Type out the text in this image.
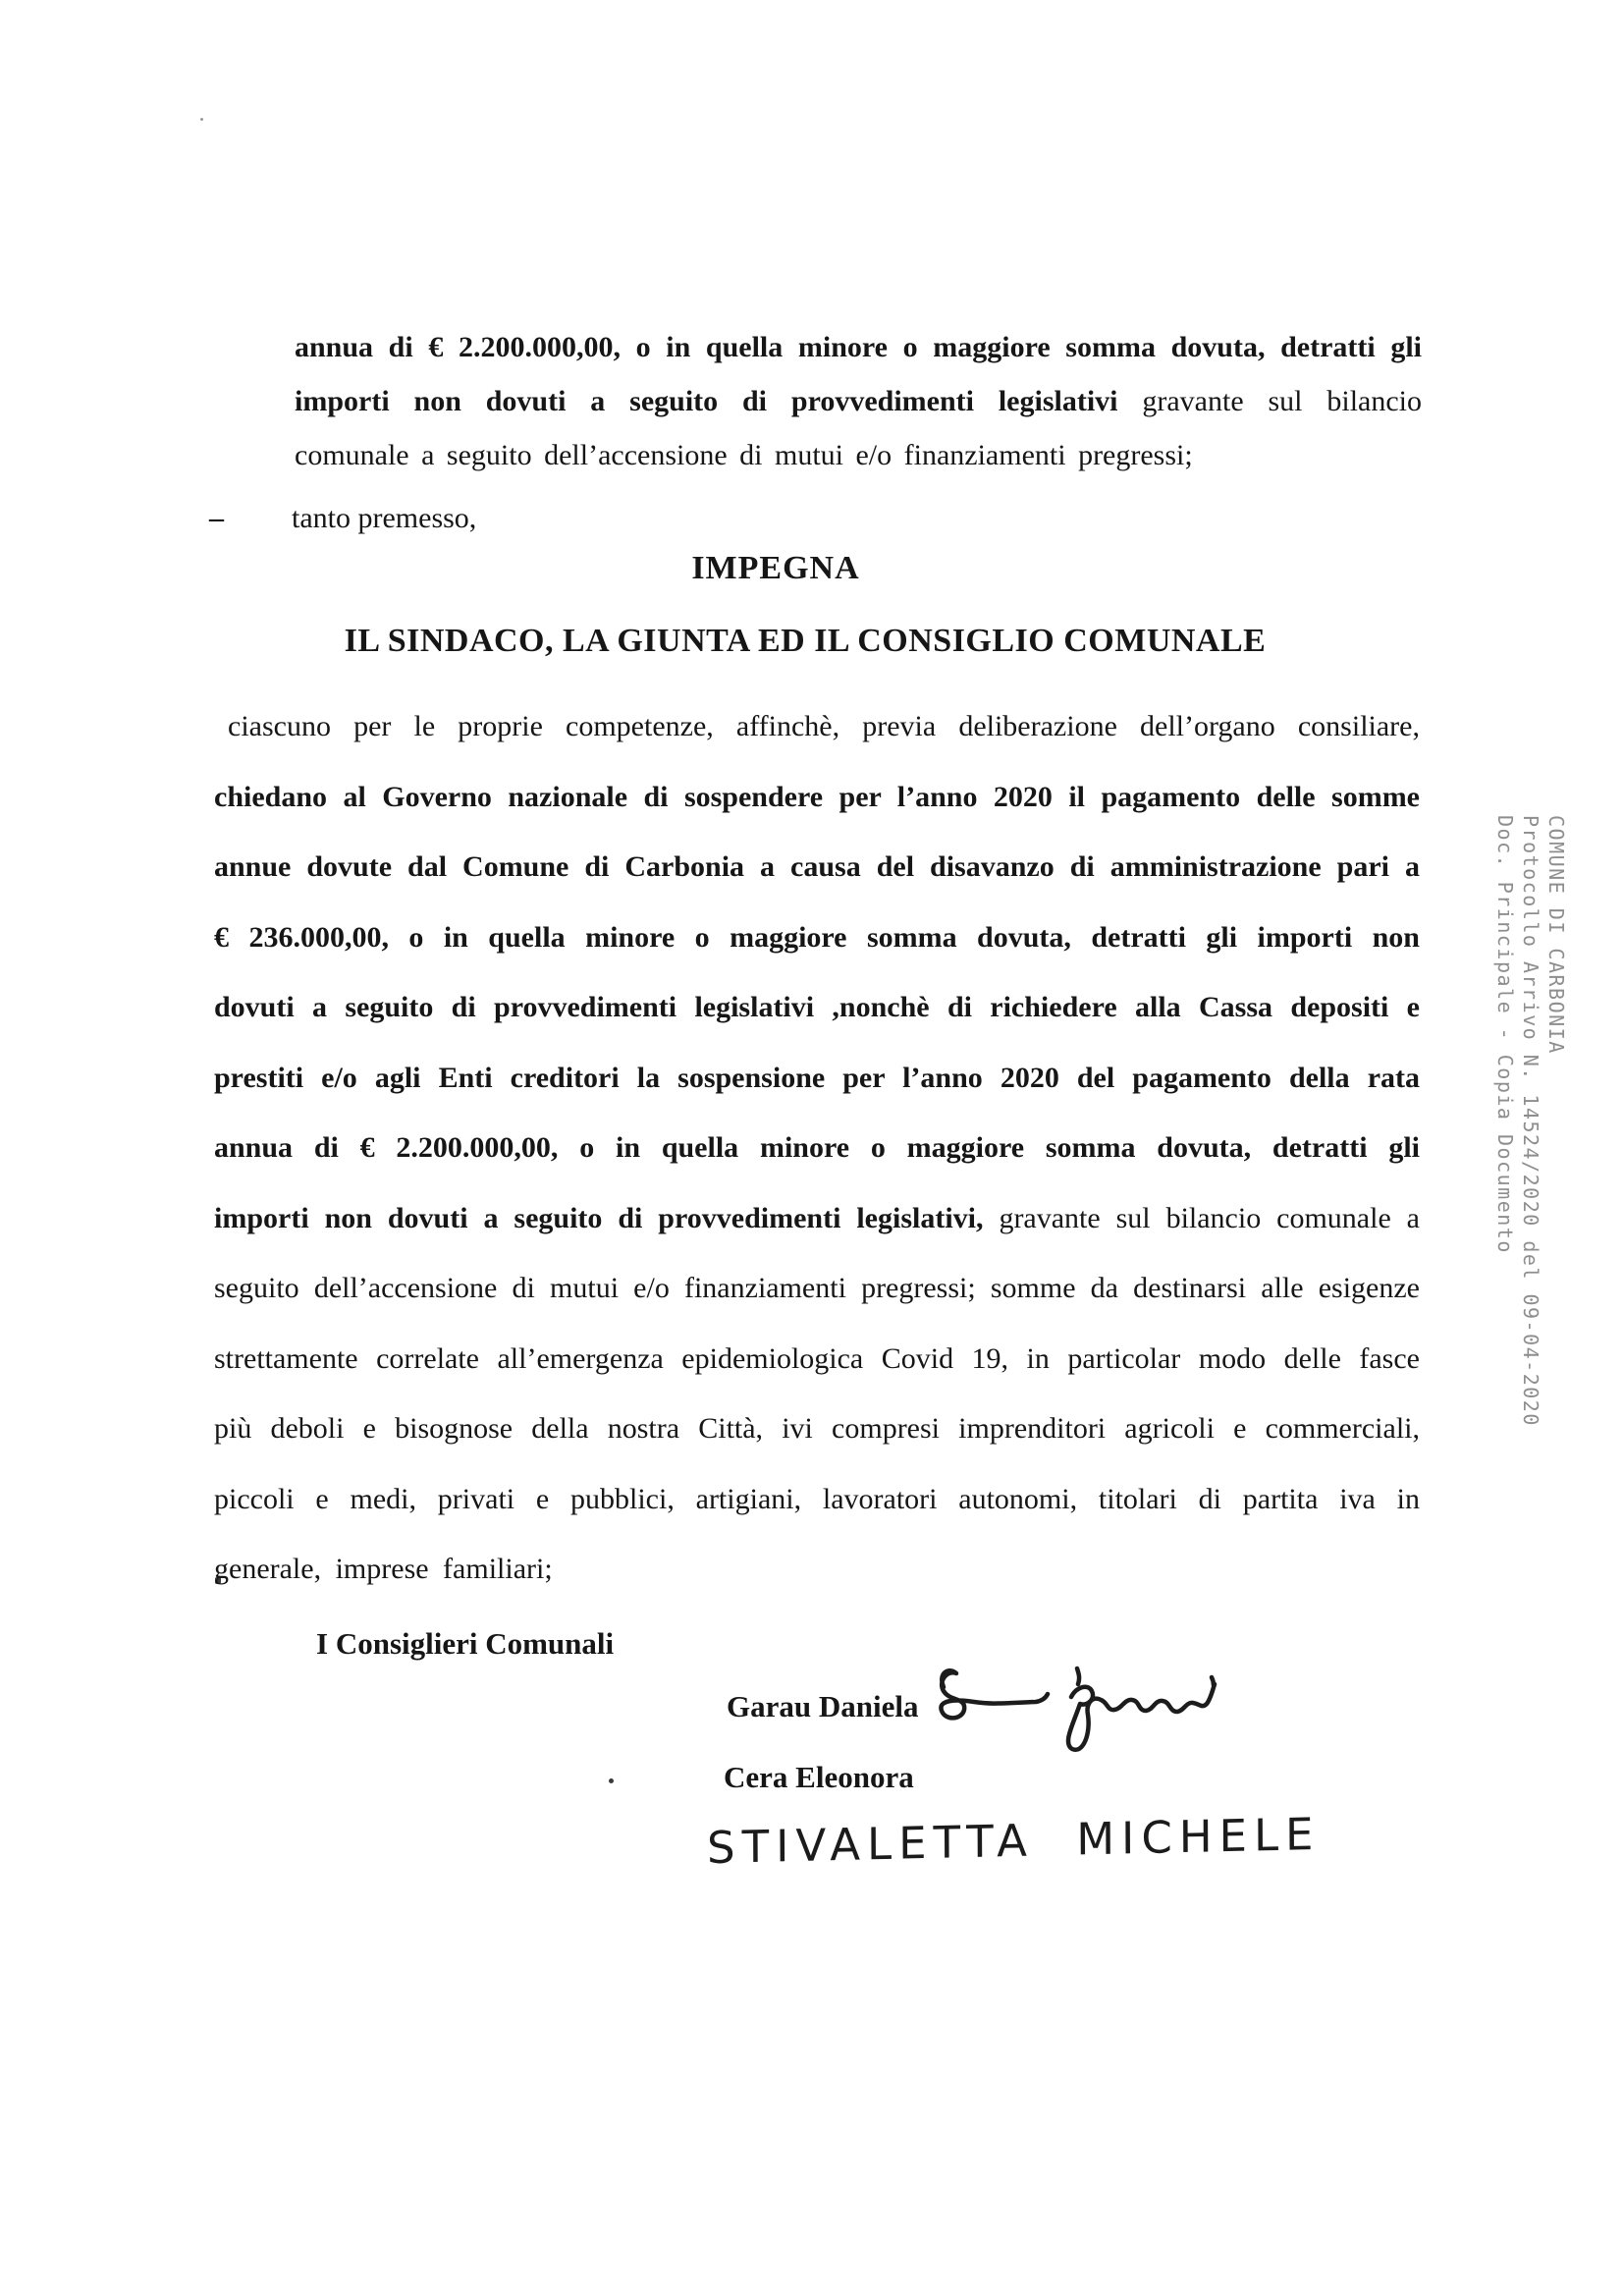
annua di € 2.200.000,00, o in quella minore o maggiore somma dovuta, detratti gli importi non dovuti a seguito di provvedimenti legislativi gravante sul bilancio comunale a seguito dell’accensione di mutui e/o finanziamenti pregressi;
– tanto premesso,
IMPEGNA
IL SINDACO, LA GIUNTA ED IL CONSIGLIO COMUNALE
ciascuno per le proprie competenze, affinchè, previa deliberazione dell’organo consiliare, chiedano al Governo nazionale di sospendere per l’anno 2020 il pagamento delle somme annue dovute dal Comune di Carbonia a causa del disavanzo di amministrazione pari a € 236.000,00, o in quella minore o maggiore somma dovuta, detratti gli importi non dovuti a seguito di provvedimenti legislativi ,nonchè di richiedere alla Cassa depositi e prestiti e/o agli Enti creditori la sospensione per l’anno 2020 del pagamento della rata annua di € 2.200.000,00, o in quella minore o maggiore somma dovuta, detratti gli importi non dovuti a seguito di provvedimenti legislativi, gravante sul bilancio comunale a seguito dell’accensione di mutui e/o finanziamenti pregressi; somme da destinarsi alle esigenze strettamente correlate all’emergenza epidemiologica Covid 19, in particolar modo delle fasce più deboli e bisognose della nostra Città, ivi compresi imprenditori agricoli e commerciali, piccoli e medi, privati e pubblici, artigiani, lavoratori autonomi, titolari di partita iva in generale, imprese familiari;
I Consiglieri Comunali
Garau Daniela
Cera Eleonora
STIVALETTA MICHELE
COMUNE DI CARBONIA
Protocollo Arrivo N. 14524/2020 del 09-04-2020
Doc. Principale - Copia Documento
